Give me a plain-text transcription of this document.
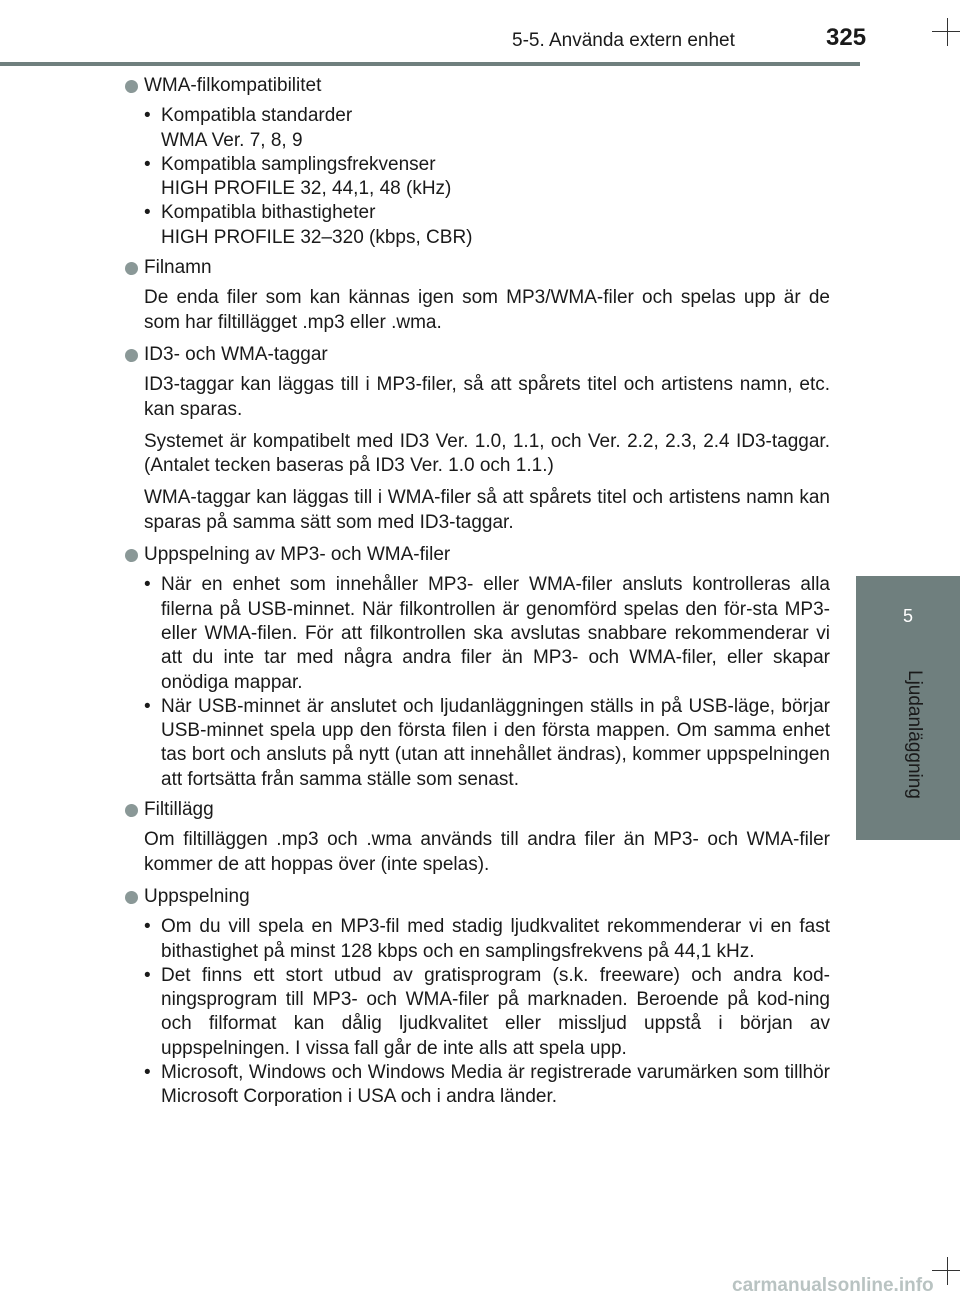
5-5. Använda extern enhet	325
5
Ljudanläggning
WMA-filkompatibilitet
• Kompatibla standarder
WMA Ver. 7, 8, 9
• Kompatibla samplingsfrekvenser
HIGH PROFILE 32, 44,1, 48 (kHz)
• Kompatibla bithastigheter
HIGH PROFILE 32–320 (kbps, CBR)
Filnamn

De enda filer som kan kännas igen som MP3/WMA-filer och spelas upp är de som har filtillägget .mp3 eller .wma.

ID3- och WMA-taggar

ID3-taggar kan läggas till i MP3-filer, så att spårets titel och artistens namn, etc. kan sparas.

Systemet är kompatibelt med ID3 Ver. 1.0, 1.1, och Ver. 2.2, 2.3, 2.4 ID3-taggar. (Antalet tecken baseras på ID3 Ver. 1.0 och 1.1.)

WMA-taggar kan läggas till i WMA-filer så att spårets titel och artistens namn kan sparas på samma sätt som med ID3-taggar.

Uppspelning av MP3- och WMA-filer
• När en enhet som innehåller MP3- eller WMA-filer ansluts kontrolleras alla filerna på USB-minnet. När filkontrollen är genomförd spelas den för-sta MP3- eller WMA-filen. För att filkontrollen ska avslutas snabbare rekommenderar vi att du inte tar med några andra filer än MP3- och WMA-filer, eller skapar onödiga mappar.
• När USB-minnet är anslutet och ljudanläggningen ställs in på USB-läge, börjar USB-minnet spela upp den första filen i den första mappen. Om samma enhet tas bort och ansluts på nytt (utan att innehållet ändras), kommer uppspelningen att fortsätta från samma ställe som senast.
Filtillägg

Om filtilläggen .mp3 och .wma används till andra filer än MP3- och WMA-filer kommer de att hoppas över (inte spelas).

Uppspelning
• Om du vill spela en MP3-fil med stadig ljudkvalitet rekommenderar vi en fast bithastighet på minst 128 kbps och en samplingsfrekvens på 44,1 kHz.
• Det finns ett stort utbud av gratisprogram (s.k. freeware) och andra kod-ningsprogram till MP3- och WMA-filer på marknaden. Beroende på kod-ning och filformat kan dålig ljudkvalitet eller missljud uppstå i början av uppspelningen. I vissa fall går de inte alls att spela upp.
• Microsoft, Windows och Windows Media är registrerade varumärken som tillhör Microsoft Corporation i USA och i andra länder.
carmanualsonline.info
